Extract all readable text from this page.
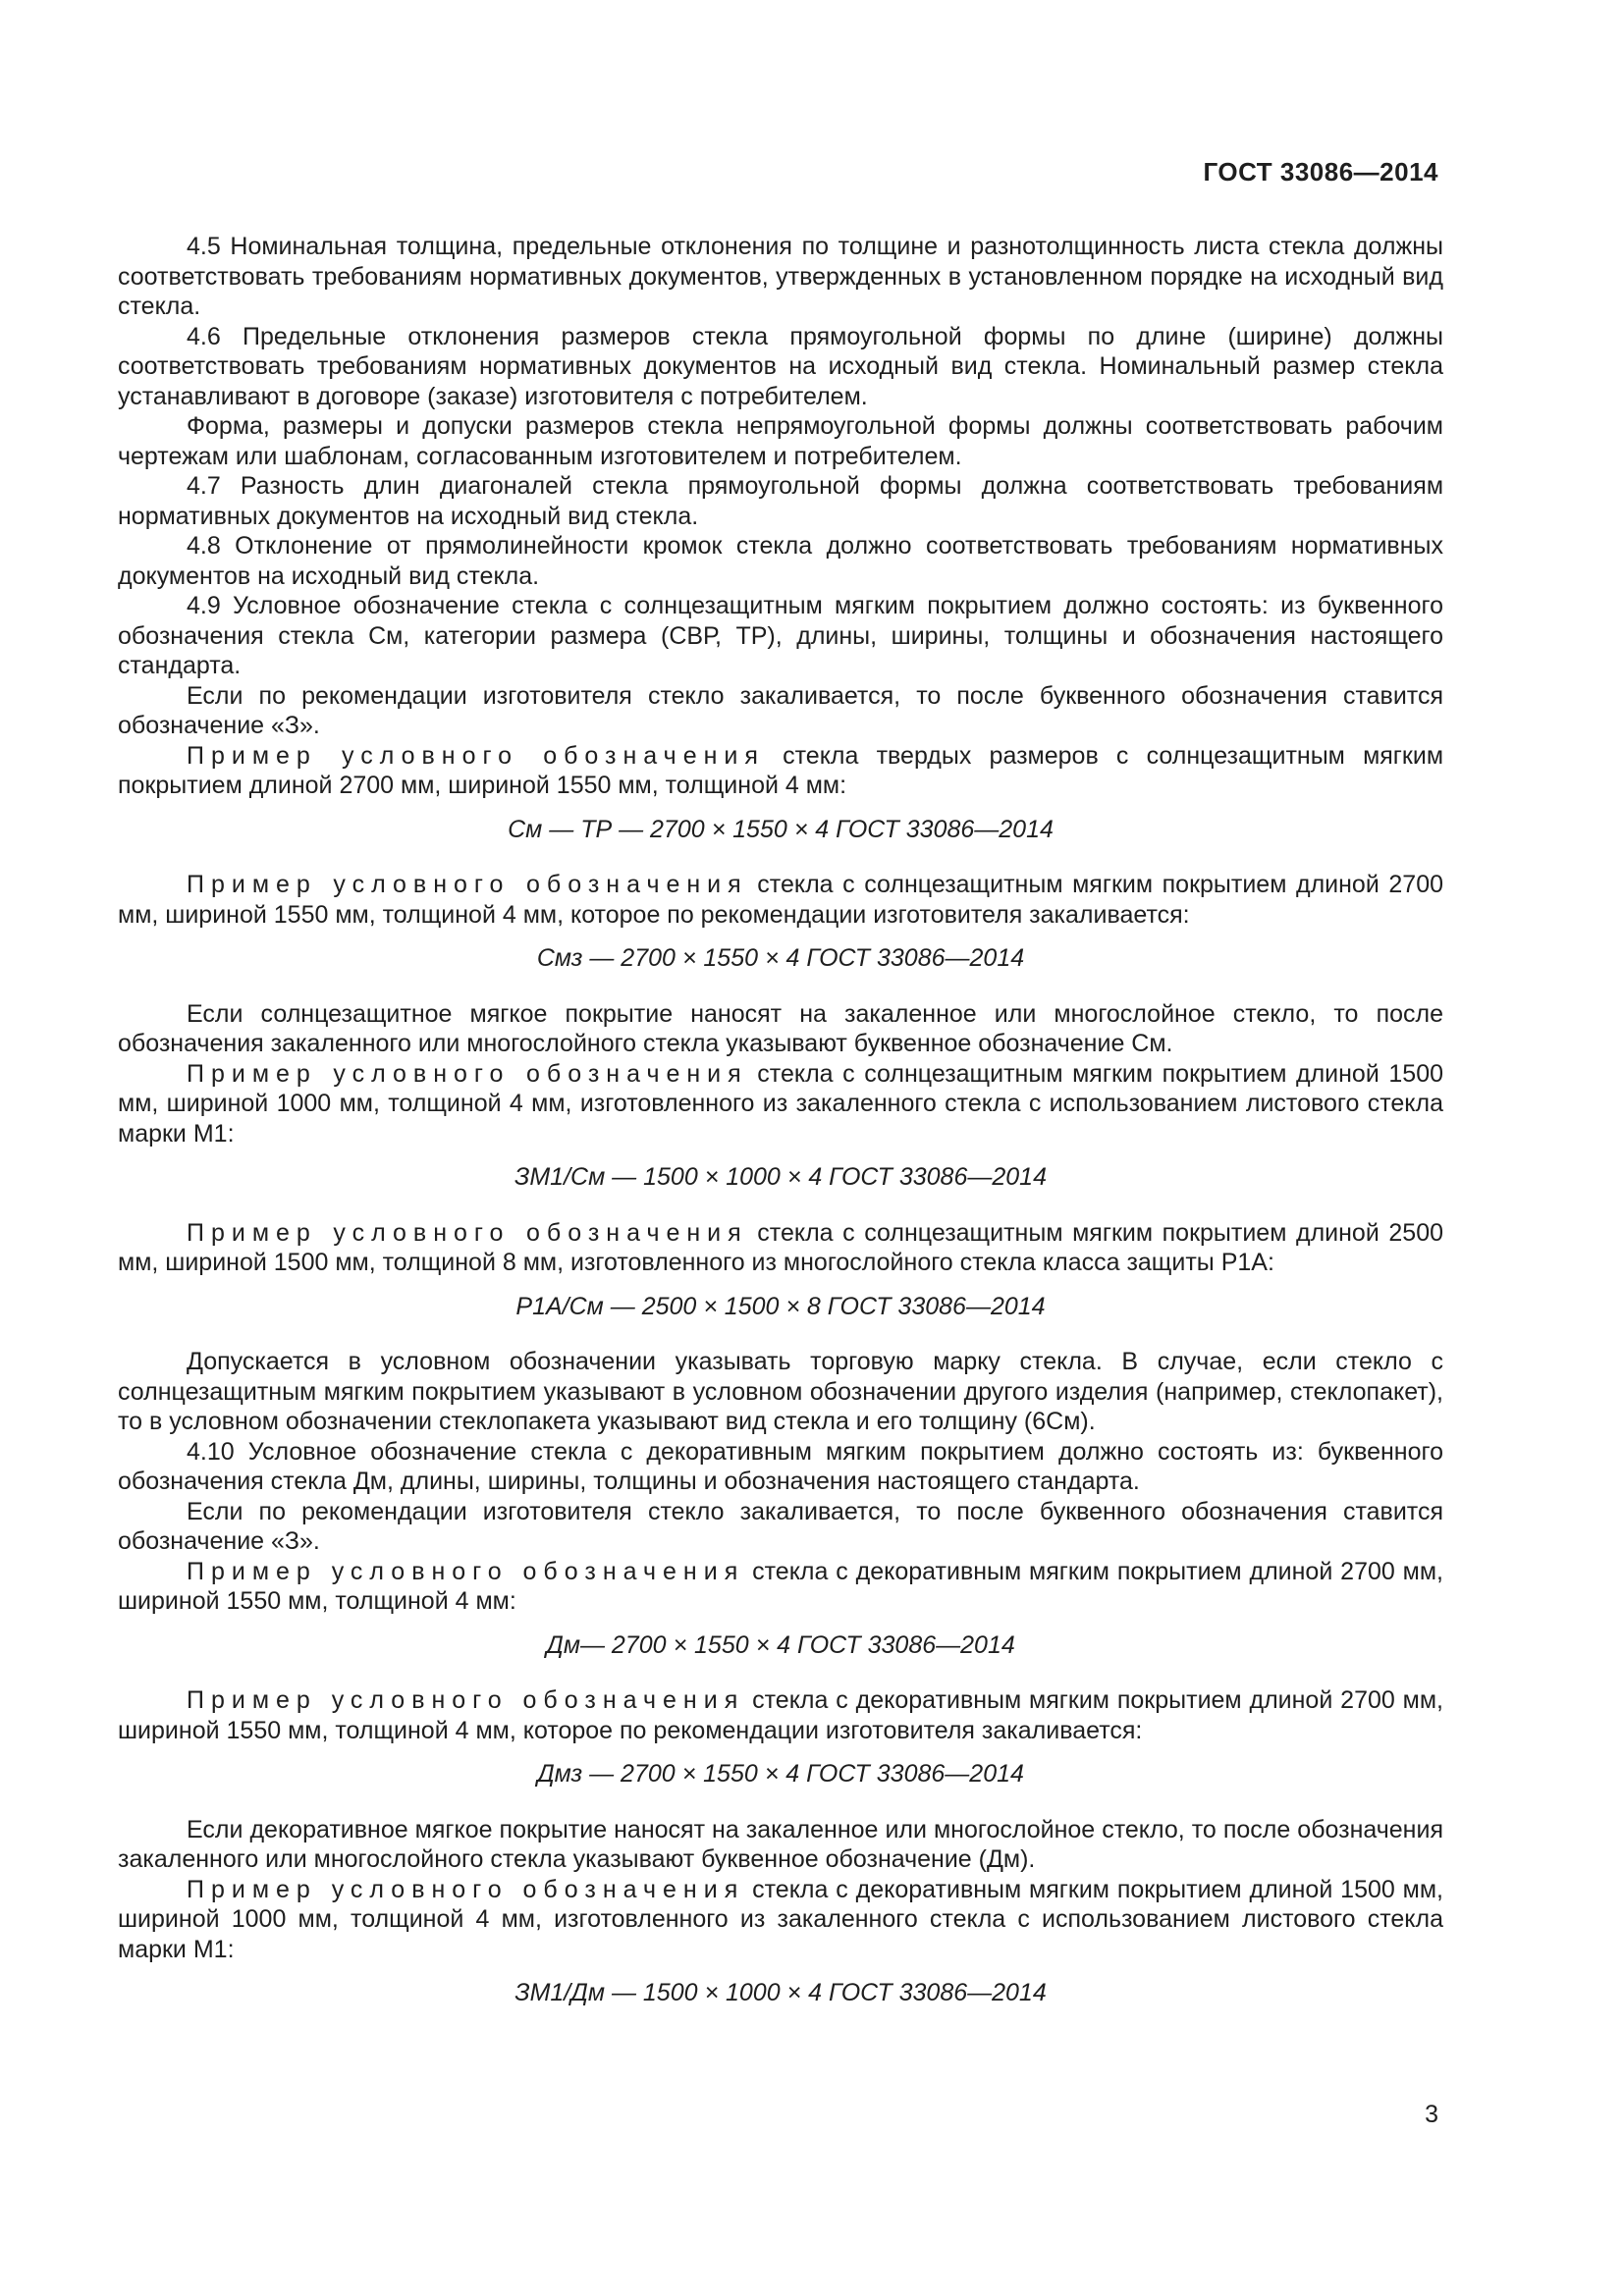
ГОСТ 33086—2014

4.5 Номинальная толщина, предельные отклонения по толщине и разнотолщинность листа стекла должны соответствовать требованиям нормативных документов, утвержденных в установленном порядке на исходный вид стекла.

4.6 Предельные отклонения размеров стекла прямоугольной формы по длине (ширине) должны соответствовать требованиям нормативных документов на исходный вид стекла. Номинальный размер стекла устанавливают в договоре (заказе) изготовителя с потребителем.

Форма, размеры и допуски размеров стекла непрямоугольной формы должны соответствовать рабочим чертежам или шаблонам, согласованным изготовителем и потребителем.

4.7 Разность длин диагоналей стекла прямоугольной формы должна соответствовать требованиям нормативных документов на исходный вид стекла.

4.8 Отклонение от прямолинейности кромок стекла должно соответствовать требованиям нормативных документов на исходный вид стекла.

4.9 Условное обозначение стекла с солнцезащитным мягким покрытием должно состоять: из буквенного обозначения стекла Cм, категории размера (СВР, ТР), длины, ширины, толщины и обозначения настоящего стандарта.

Если по рекомендации изготовителя стекло закаливается, то после буквенного обозначения ставится обозначение «З».

Пример условного обозначения стекла твердых размеров с солнцезащитным мягким покрытием длиной 2700 мм, шириной 1550 мм, толщиной 4 мм:

Cм — ТР — 2700 × 1550 × 4 ГОСТ 33086—2014

Пример условного обозначения стекла с солнцезащитным мягким покрытием длиной 2700 мм, шириной 1550 мм, толщиной 4 мм, которое по рекомендации изготовителя закаливается:

Cмз — 2700 × 1550 × 4 ГОСТ 33086—2014

Если солнцезащитное мягкое покрытие наносят на закаленное или многослойное стекло, то после обозначения закаленного или многослойного стекла указывают буквенное обозначение Cм.

Пример условного обозначения стекла с солнцезащитным мягким покрытием длиной 1500 мм, шириной 1000 мм, толщиной 4 мм, изготовленного из закаленного стекла с использованием листового стекла марки М1:

ЗМ1/Cм — 1500 × 1000 × 4 ГОСТ 33086—2014

Пример условного обозначения стекла с солнцезащитным мягким покрытием длиной 2500 мм, шириной 1500 мм, толщиной 8 мм, изготовленного из многослойного стекла класса защиты Р1А:

Р1А/Cм — 2500 × 1500 × 8 ГОСТ 33086—2014

Допускается в условном обозначении указывать торговую марку стекла. В случае, если стекло с солнцезащитным мягким покрытием указывают в условном обозначении другого изделия (например, стеклопакет), то в условном обозначении стеклопакета указывают вид стекла и его толщину (6Cм).

4.10 Условное обозначение стекла с декоративным мягким покрытием должно состоять из: буквенного обозначения стекла Дм, длины, ширины, толщины и обозначения настоящего стандарта.

Если по рекомендации изготовителя стекло закаливается, то после буквенного обозначения ставится обозначение «З».

Пример условного обозначения стекла с декоративным мягким покрытием длиной 2700 мм, шириной 1550 мм, толщиной 4 мм:

Дм— 2700 × 1550 × 4 ГОСТ 33086—2014

Пример условного обозначения стекла с декоративным мягким покрытием длиной 2700 мм, шириной 1550 мм, толщиной 4 мм, которое по рекомендации изготовителя закаливается:

Дмз — 2700 × 1550 × 4 ГОСТ 33086—2014

Если декоративное мягкое покрытие наносят на закаленное или многослойное стекло, то после обозначения закаленного или многослойного стекла указывают буквенное обозначение (Дм).

Пример условного обозначения стекла с декоративным мягким покрытием длиной 1500 мм, шириной 1000 мм, толщиной 4 мм, изготовленного из закаленного стекла с использованием листового стекла марки М1:

ЗМ1/Дм — 1500 × 1000 × 4 ГОСТ 33086—2014

3
